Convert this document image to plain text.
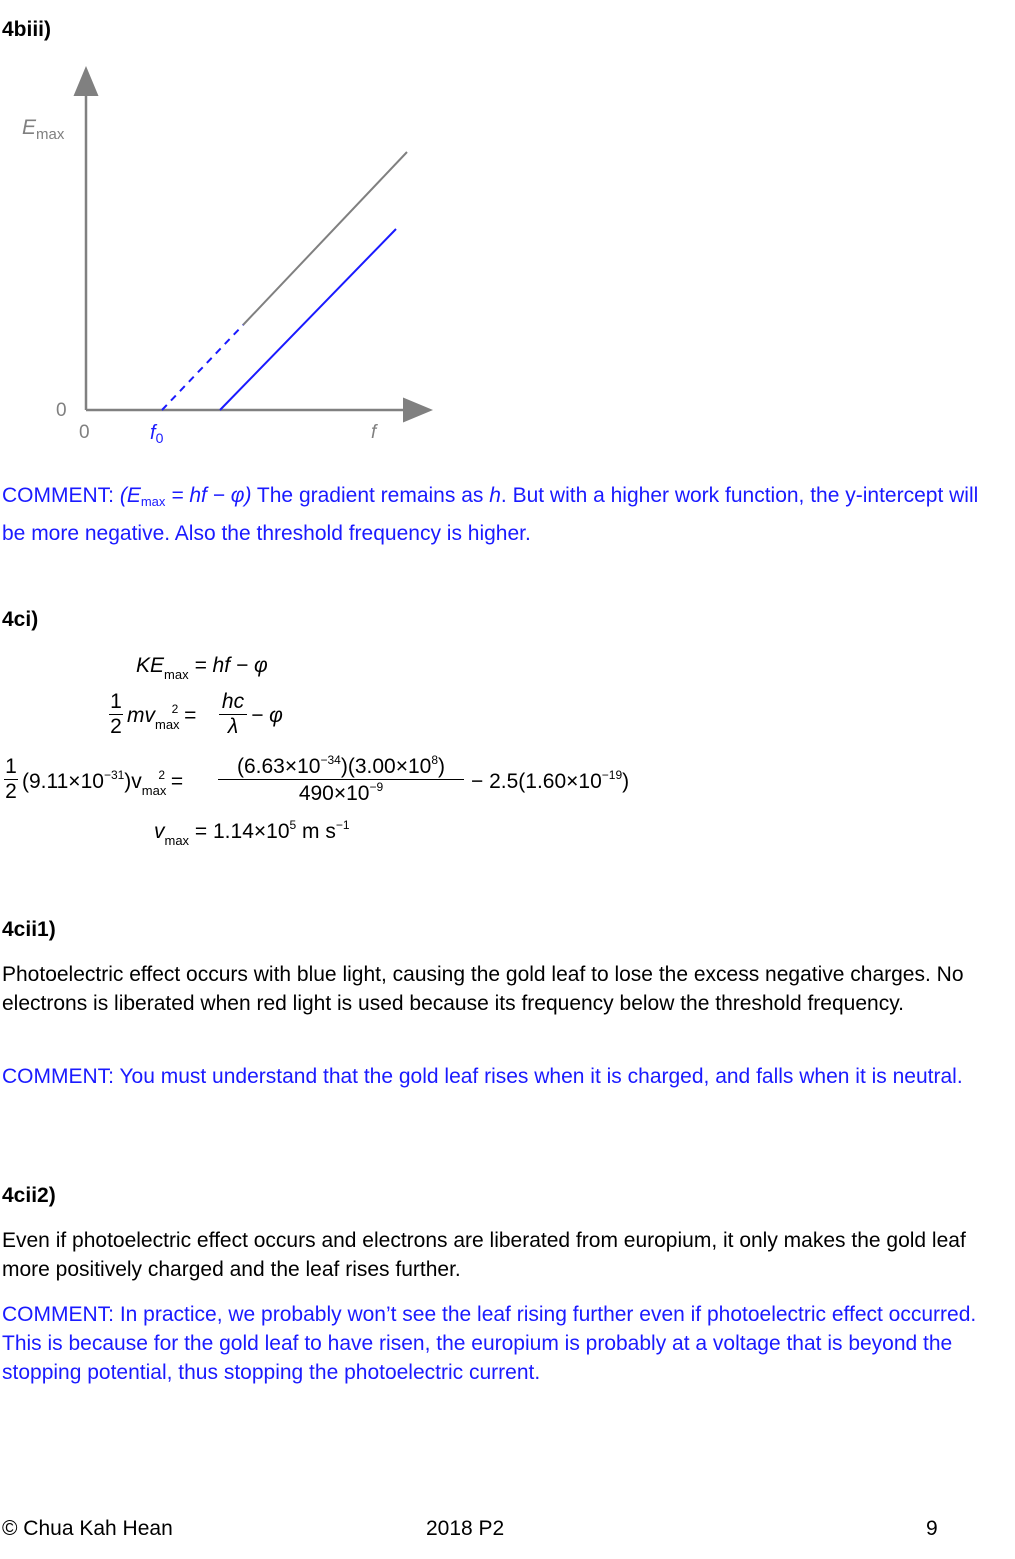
4biii)
$E_{max}$
0
0	$f_0$	f
COMMENT: (Emax = hf − φ) The gradient remains as h. But with a higher work function, the y-intercept will be more negative. Also the threshold frequency is higher.
4ci)
$KE_{max}$ = hf − φ
1
2 $mv_{max}^2$ =
hc
λ − φ
1
2 $(9.11\times 10^{-31})v_{max}^2$ =
$(6.63\times 10^{-34})(3.00\times 10^8)$
$490\times 10^{-9}$	− $2.5(1.60\times 10^{-19})$
$v_{max} = 1.14\times 10^5$ m $s^{-1}$
4cii1)
Photoelectric effect occurs with blue light, causing the gold leaf to lose the excess negative charges. No electrons is liberated when red light is used because its frequency below the threshold frequency.
COMMENT: You must understand that the gold leaf rises when it is charged, and falls when it is neutral.
4cii2)
Even if photoelectric effect occurs and electrons are liberated from europium, it only makes the gold leaf more positively charged and the leaf rises further.
COMMENT: In practice, we probably won’t see the leaf rising further even if photoelectric effect occurred. This is because for the gold leaf to have risen, the europium is probably at a voltage that is beyond the stopping potential, thus stopping the photoelectric current.
© Chua Kah Hean	2018 P2	9
